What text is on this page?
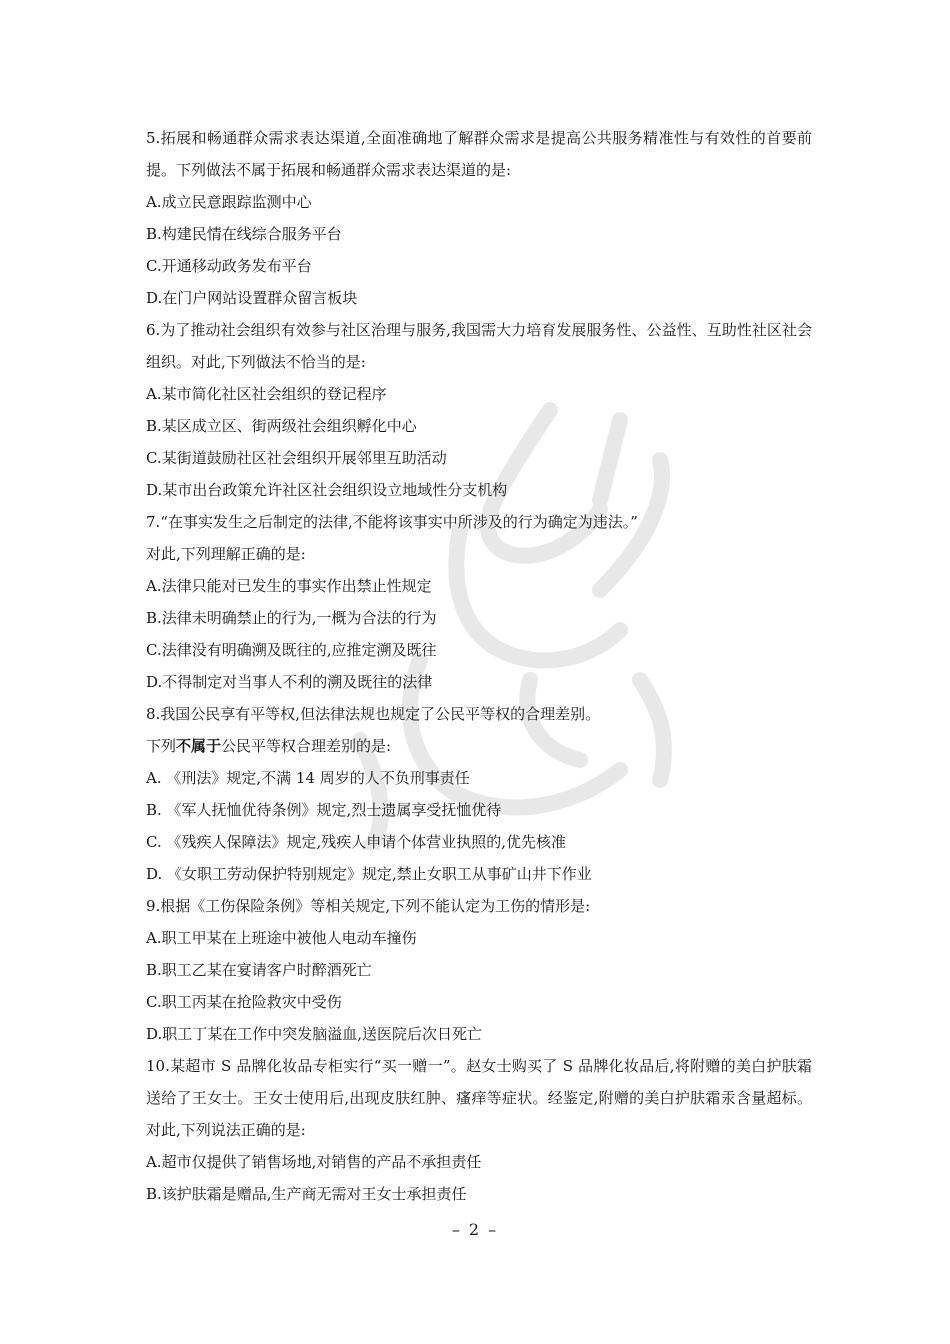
5.拓展和畅通群众需求表达渠道,全面准确地了解群众需求是提高公共服务精准性与有效性的首要前提。下列做法不属于拓展和畅通群众需求表达渠道的是:
A.成立民意跟踪监测中心
B.构建民情在线综合服务平台
C.开通移动政务发布平台
D.在门户网站设置群众留言板块
6.为了推动社会组织有效参与社区治理与服务,我国需大力培育发展服务性、公益性、互助性社区社会组织。对此,下列做法不恰当的是:
A.某市简化社区社会组织的登记程序
B.某区成立区、街两级社会组织孵化中心
C.某街道鼓励社区社会组织开展邻里互助活动
D.某市出台政策允许社区社会组织设立地域性分支机构
7.“在事实发生之后制定的法律,不能将该事实中所涉及的行为确定为违法。”
对此,下列理解正确的是:
A.法律只能对已发生的事实作出禁止性规定
B.法律未明确禁止的行为,一概为合法的行为
C.法律没有明确溯及既往的,应推定溯及既往
D.不得制定对当事人不利的溯及既往的法律
8.我国公民享有平等权,但法律法规也规定了公民平等权的合理差别。
下列不属于公民平等权合理差别的是:
A. 《刑法》规定,不满 14 周岁的人不负刑事责任
B. 《军人抚恤优待条例》规定,烈士遗属享受抚恤优待
C. 《残疾人保障法》规定,残疾人申请个体营业执照的,优先核准
D. 《女职工劳动保护特别规定》规定,禁止女职工从事矿山井下作业
9.根据《工伤保险条例》等相关规定,下列不能认定为工伤的情形是:
A.职工甲某在上班途中被他人电动车撞伤
B.职工乙某在宴请客户时醉酒死亡
C.职工丙某在抢险救灾中受伤
D.职工丁某在工作中突发脑溢血,送医院后次日死亡
10.某超市 S 品牌化妆品专柜实行“买一赠一”。赵女士购买了 S 品牌化妆品后,将附赠的美白护肤霜送给了王女士。王女士使用后,出现皮肤红肿、瘙痒等症状。经鉴定,附赠的美白护肤霜汞含量超标。对此,下列说法正确的是:
A.超市仅提供了销售场地,对销售的产品不承担责任
B.该护肤霜是赠品,生产商无需对王女士承担责任
– 2 –
